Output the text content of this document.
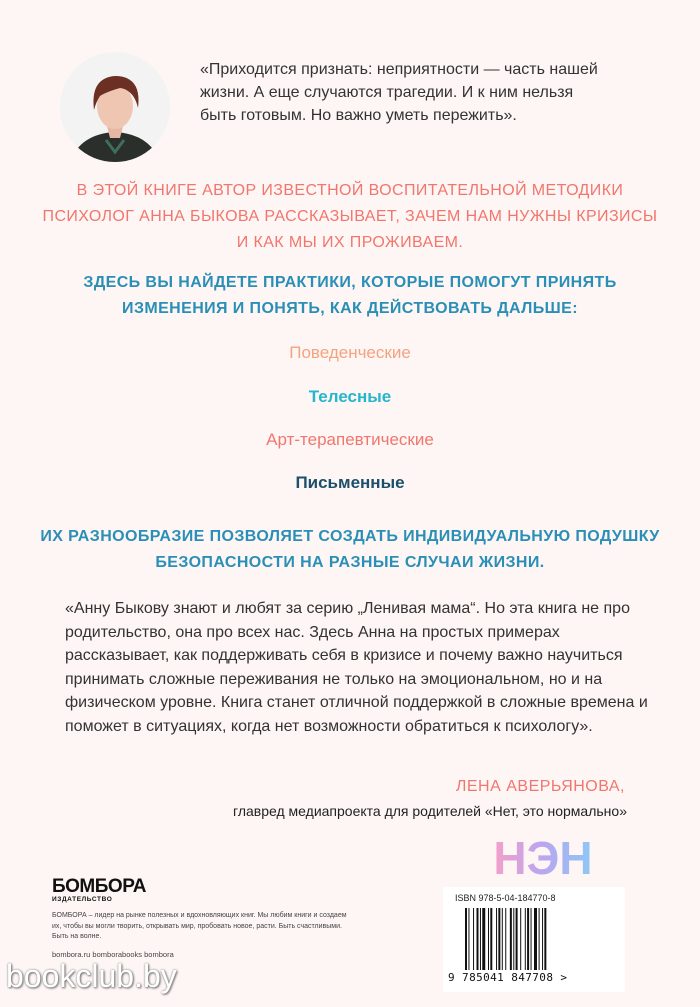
«Приходится признать: неприятности — часть нашей жизни. А еще случаются трагедии. И к ним нельзя быть готовым. Но важно уметь пережить».
В ЭТОЙ КНИГЕ АВТОР ИЗВЕСТНОЙ ВОСПИТАТЕЛЬНОЙ МЕТОДИКИ ПСИХОЛОГ АННА БЫКОВА РАССКАЗЫВАЕТ, ЗАЧЕМ НАМ НУЖНЫ КРИЗИСЫ И КАК МЫ ИХ ПРОЖИВАЕМ.
ЗДЕСЬ ВЫ НАЙДЕТЕ ПРАКТИКИ, КОТОРЫЕ ПОМОГУТ ПРИНЯТЬ ИЗМЕНЕНИЯ И ПОНЯТЬ, КАК ДЕЙСТВОВАТЬ ДАЛЬШЕ:
Поведенческие
Телесные
Арт-терапевтические
Письменные
ИХ РАЗНООБРАЗИЕ ПОЗВОЛЯЕТ СОЗДАТЬ ИНДИВИДУАЛЬНУЮ ПОДУШКУ БЕЗОПАСНОСТИ НА РАЗНЫЕ СЛУЧАИ ЖИЗНИ.
«Анну Быкову знают и любят за серию „Ленивая мама“. Но эта книга не про родительство, она про всех нас. Здесь Анна на простых примерах рассказывает, как поддерживать себя в кризисе и почему важно научиться принимать сложные переживания не только на эмоциональном, но и на физическом уровне. Книга станет отличной поддержкой в сложные времена и поможет в ситуациях, когда нет возможности обратиться к психологу».
ЛЕНА АВЕРЬЯНОВА,
главред медиапроекта для родителей «Нет, это нормально»
НЭН
БОМБОРА
ИЗДАТЕЛЬСТВО
БОМБОРА – лидер на рынке полезных и вдохновляющих книг. Мы любим книги и создаем их, чтобы вы могли творить, открывать мир, пробовать новое, расти. Быть счастливыми. Быть на волне.
bombora.ru bomborabooks bombora
ISBN 978-5-04-184770-8
9 785041 847708 >
bookclub.by
